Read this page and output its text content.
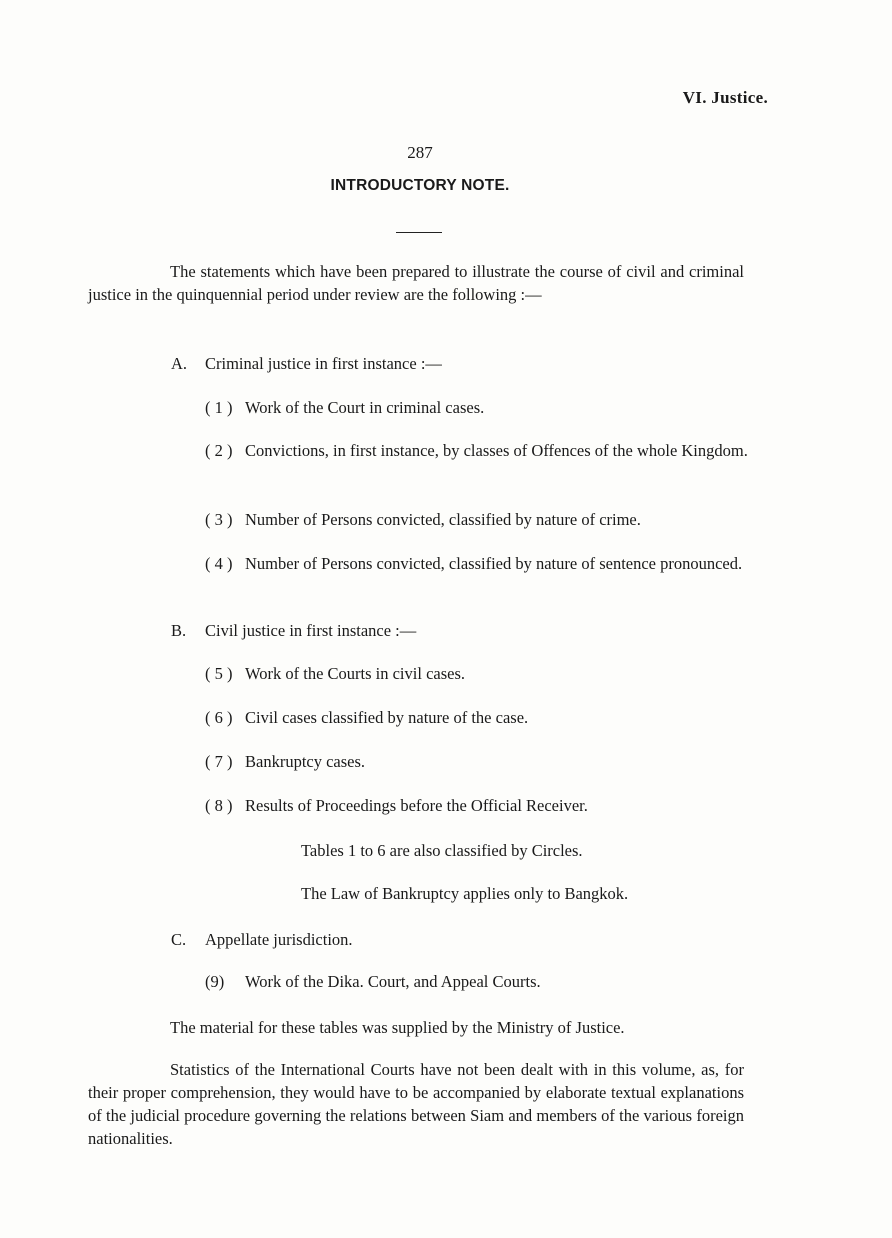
VI. Justice.
287
INTRODUCTORY NOTE.

The statements which have been prepared to illustrate the course of civil and criminal justice in the quinquennial period under review are the following :—

A. Criminal justice in first instance :—
( 1 ) Work of the Court in criminal cases.
( 2 ) Convictions, in first instance, by classes of Offences of the whole Kingdom.
( 3 ) Number of Persons convicted, classified by nature of crime.
( 4 ) Number of Persons convicted, classified by nature of sentence pronounced.
B. Civil justice in first instance :—
( 5 ) Work of the Courts in civil cases.
( 6 ) Civil cases classified by nature of the case.
( 7 ) Bankruptcy cases.
( 8 ) Results of Proceedings before the Official Receiver.
Tables 1 to 6 are also classified by Circles.
The Law of Bankruptcy applies only to Bangkok.
C. Appellate jurisdiction.
(9) Work of the Dika. Court, and Appeal Courts.
The material for these tables was supplied by the Ministry of Justice.

Statistics of the International Courts have not been dealt with in this volume, as, for their proper comprehension, they would have to be accompanied by elaborate textual explanations of the judicial procedure governing the relations between Siam and members of the various foreign nationalities.
